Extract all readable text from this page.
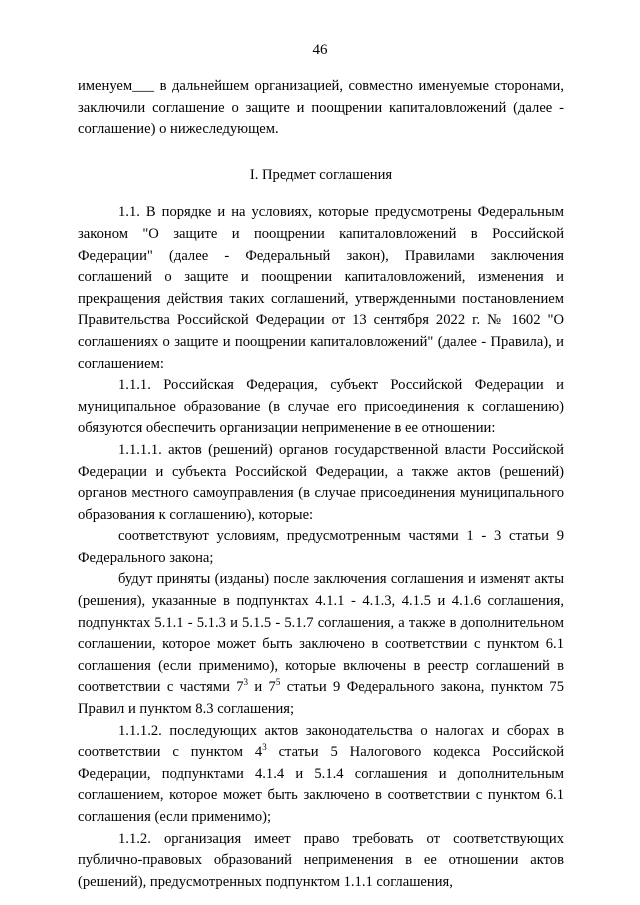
46

именуем___ в дальнейшем организацией, совместно именуемые сторонами, заключили соглашение о защите и поощрении капиталовложений (далее - соглашение) о нижеследующем.

I. Предмет соглашения

1.1. В порядке и на условиях, которые предусмотрены Федеральным законом "О защите и поощрении капиталовложений в Российской Федерации" (далее - Федеральный закон), Правилами заключения соглашений о защите и поощрении капиталовложений, изменения и прекращения действия таких соглашений, утвержденными постановлением Правительства Российской Федерации от 13 сентября 2022 г. № 1602 "О соглашениях о защите и поощрении капиталовложений" (далее - Правила), и соглашением:

1.1.1. Российская Федерация, субъект Российской Федерации и муниципальное образование (в случае его присоединения к соглашению) обязуются обеспечить организации неприменение в ее отношении:

1.1.1.1. актов (решений) органов государственной власти Российской Федерации и субъекта Российской Федерации, а также актов (решений) органов местного самоуправления (в случае присоединения муниципального образования к соглашению), которые:

соответствуют условиям, предусмотренным частями 1 - 3 статьи 9 Федерального закона;

будут приняты (изданы) после заключения соглашения и изменят акты (решения), указанные в подпунктах 4.1.1 - 4.1.3, 4.1.5 и 4.1.6 соглашения, подпунктах 5.1.1 - 5.1.3 и 5.1.5 - 5.1.7 соглашения, а также в дополнительном соглашении, которое может быть заключено в соответствии с пунктом 6.1 соглашения (если применимо), которые включены в реестр соглашений в соответствии с частями $7^3$ и $7^5$ статьи 9 Федерального закона, пунктом 75 Правил и пунктом 8.3 соглашения;

1.1.1.2. последующих актов законодательства о налогах и сборах в соответствии с пунктом $4^3$ статьи 5 Налогового кодекса Российской Федерации, подпунктами 4.1.4 и 5.1.4 соглашения и дополнительным соглашением, которое может быть заключено в соответствии с пунктом 6.1 соглашения (если применимо);

1.1.2. организация имеет право требовать от соответствующих публично-правовых образований неприменения в ее отношении актов (решений), предусмотренных подпунктом 1.1.1 соглашения,
